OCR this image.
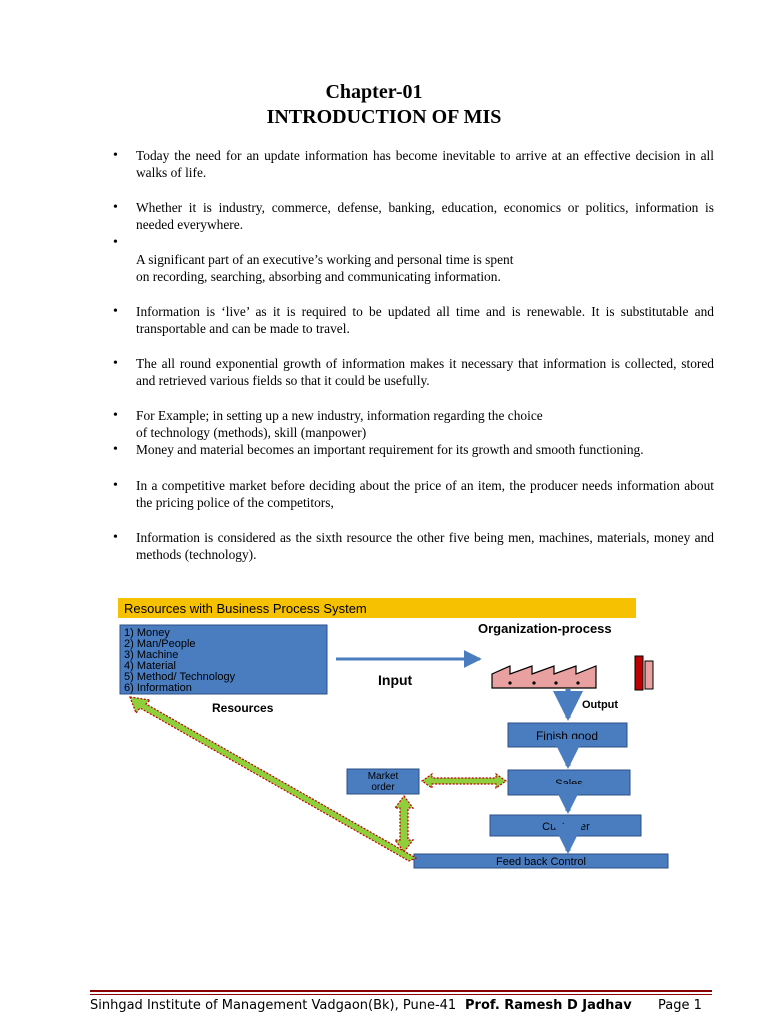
Chapter-01
INTRODUCTION OF MIS
• Today the need for an update information has become inevitable to arrive at an effective decision in all walks of life.
• Whether it is industry, commerce, defense, banking, education, economics or politics, information is needed everywhere.
•
A significant part of an executive’s working and personal time is spent
on recording, searching, absorbing and communicating information.
• Information is ‘live’ as it is required to be updated all time and is renewable. It is substitutable and transportable and can be made to travel.
• The all round exponential growth of information makes it necessary that information is collected, stored and retrieved various fields so that it could be usefully.
• For Example; in setting up a new industry, information regarding the choice
of technology (methods), skill (manpower)
• Money and material becomes an important requirement for its growth and smooth functioning.
• In a competitive market before deciding about the price of an item, the producer needs information about the pricing police of the competitors,
• Information is considered as the sixth resource the other five being men, machines, materials, money and methods (technology).
Resources with Business Process System
1) Money
2) Man/People
3) Machine
4) Material
5) Method/ Technology
6) Information
Resources
Input
Organization-process
Output
Finish good
Sales
Market
order
Customer
Feed back Control
Sinhgad Institute of Management Vadgaon(Bk), Pune-41 Prof. Ramesh D Jadhav Page 1
